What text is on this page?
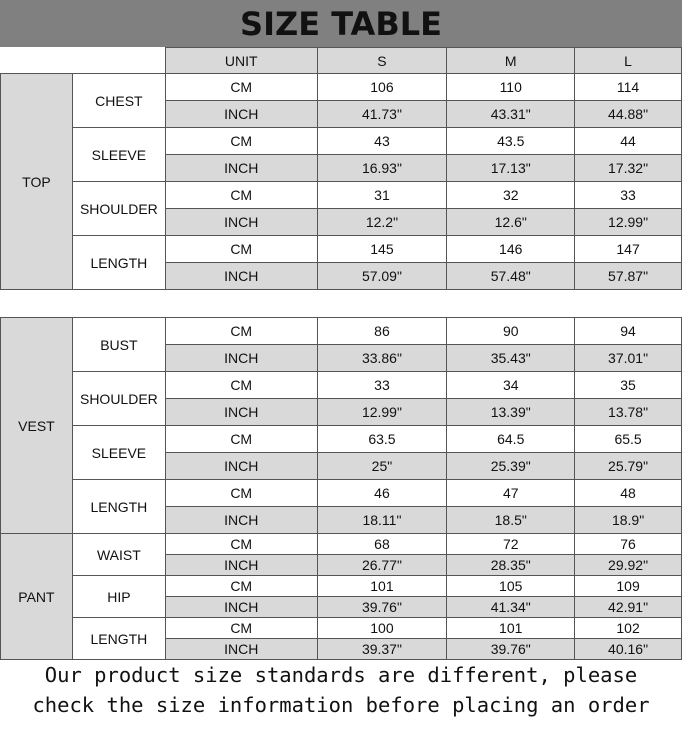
SIZE TABLE
		UNIT	S	M	L
TOP	CHEST	CM	106	110	114
		INCH	41.73"	43.31"	44.88"
	SLEEVE	CM	43	43.5	44
		INCH	16.93"	17.13"	17.32"
	SHOULDER	CM	31	32	33
		INCH	12.2"	12.6"	12.99"
	LENGTH	CM	145	146	147
		INCH	57.09"	57.48"	57.87"
VEST	BUST	CM	86	90	94
		INCH	33.86"	35.43"	37.01"
	SHOULDER	CM	33	34	35
		INCH	12.99"	13.39"	13.78"
	SLEEVE	CM	63.5	64.5	65.5
		INCH	25"	25.39"	25.79"
	LENGTH	CM	46	47	48
		INCH	18.11"	18.5"	18.9"
PANT	WAIST	CM	68	72	76
		INCH	26.77"	28.35"	29.92"
	HIP	CM	101	105	109
		INCH	39.76"	41.34"	42.91"
	LENGTH	CM	100	101	102
		INCH	39.37"	39.76"	40.16"
Our product size standards are different, please
check the size information before placing an order
